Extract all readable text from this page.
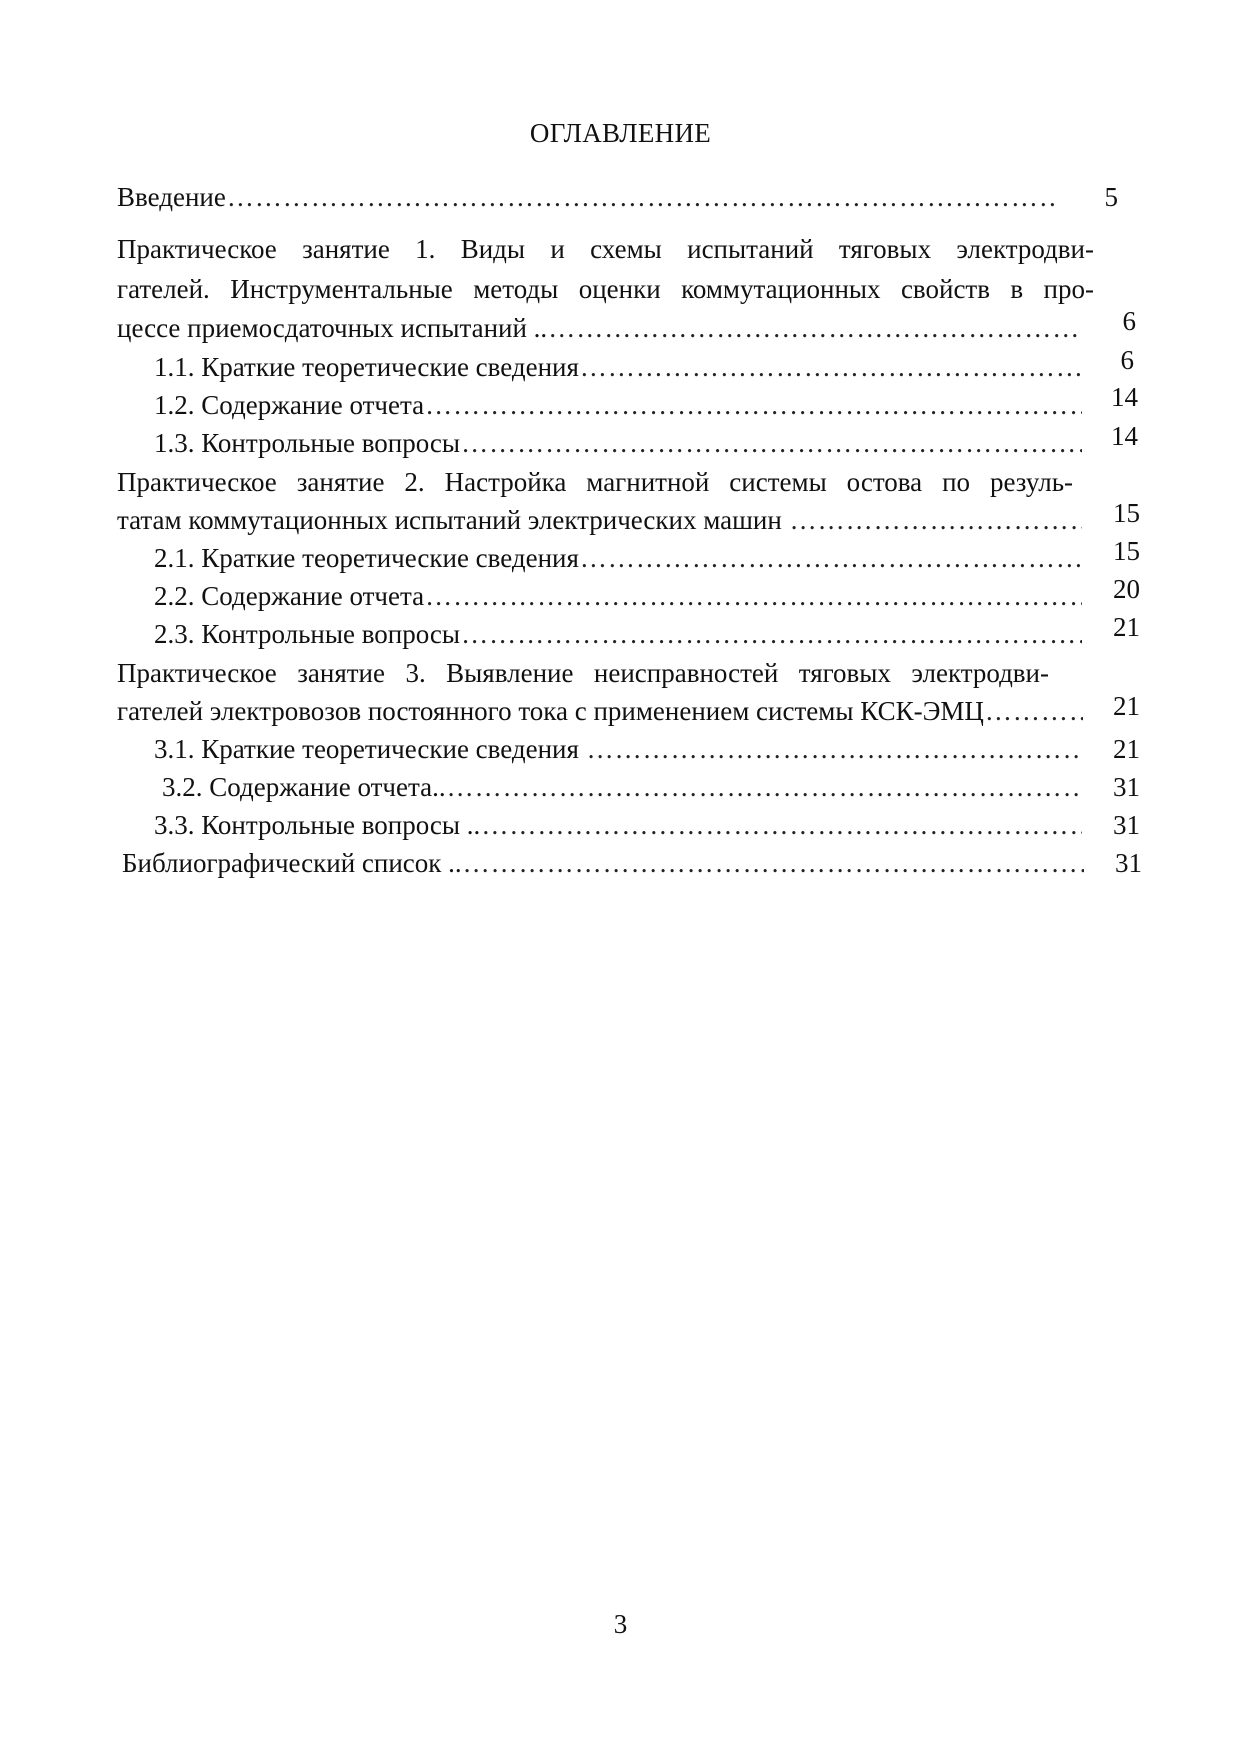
ОГЛАВЛЕНИЕ
Введение ………………………………………………………………………………………………………………………………………………………………………	5
Практическое занятие 1. Виды и схемы испытаний тяговых электродви-
гателей. Инструментальные методы оценки коммутационных свойств в про-
цессе приемосдаточных испытаний .. ………………………………………………………………………………………………………………………………………………………………………	6
1.1. Краткие теоретические сведения ………………………………………………………………………………………………………………………………………………………………………	6
1.2. Содержание отчета ………………………………………………………………………………………………………………………………………………………………………	14
1.3. Контрольные вопросы ………………………………………………………………………………………………………………………………………………………………………	14
Практическое занятие 2. Настройка магнитной системы остова по резуль-
татам коммутационных испытаний электрических машин ………………………………………………………………………………………………………………………………………………………………………	15
2.1. Краткие теоретические сведения ………………………………………………………………………………………………………………………………………………………………………	15
2.2. Содержание отчета ………………………………………………………………………………………………………………………………………………………………………	20
2.3. Контрольные вопросы ………………………………………………………………………………………………………………………………………………………………………	21
Практическое занятие 3. Выявление неисправностей тяговых электродви-
гателей электровозов постоянного тока с применением системы КСК-ЭМЦ ………………………………………………………………………………………………………………………………………………………………………	21
3.1. Краткие теоретические сведения ………………………………………………………………………………………………………………………………………………………………………	21
3.2. Содержание отчета.. ………………………………………………………………………………………………………………………………………………………………………	31
3.3. Контрольные вопросы .. ………………………………………………………………………………………………………………………………………………………………………	31
Библиографический список .. ………………………………………………………………………………………………………………………………………………………………………	31
3
